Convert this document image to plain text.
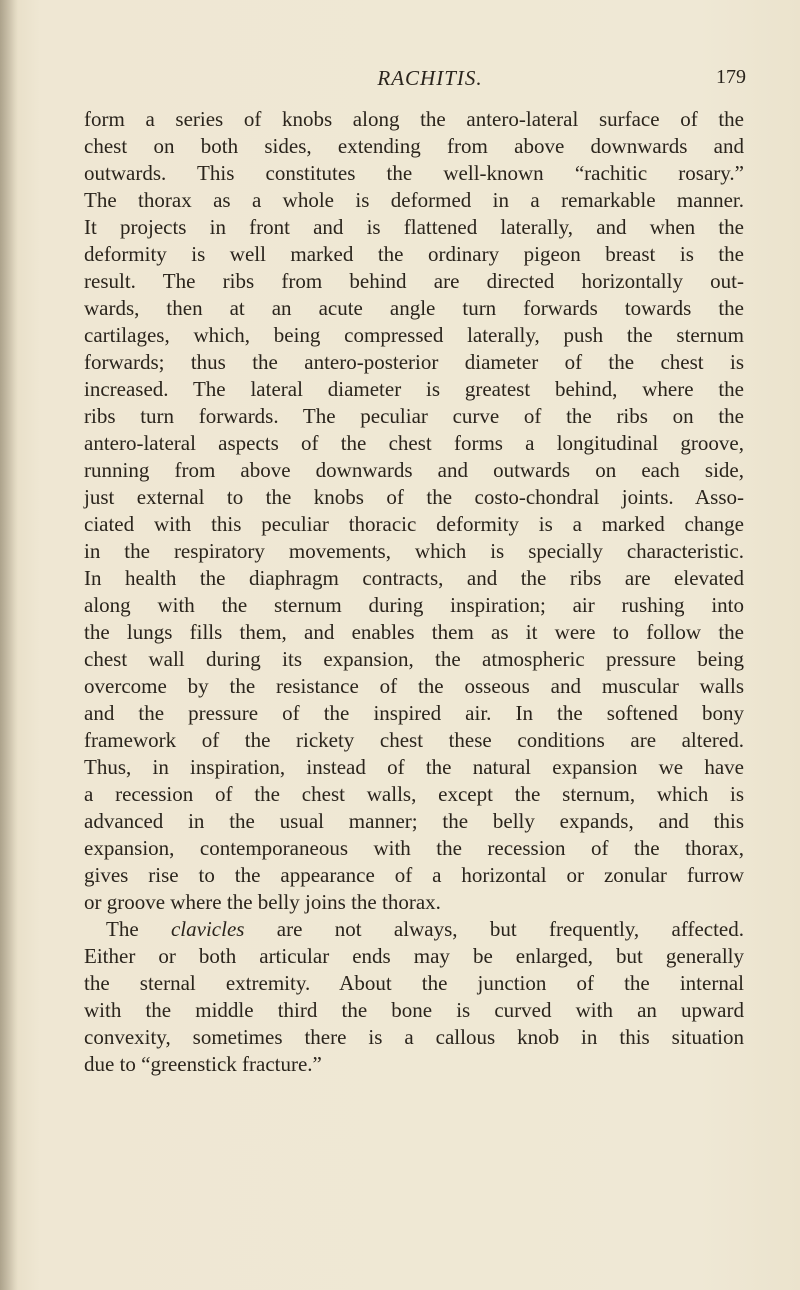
RACHITIS.	179
form a series of knobs along the antero-lateral surface of the
chest on both sides, extending from above downwards and
outwards. This constitutes the well-known “rachitic rosary.”
The thorax as a whole is deformed in a remarkable manner.
It projects in front and is flattened laterally, and when the
deformity is well marked the ordinary pigeon breast is the
result. The ribs from behind are directed horizontally out-
wards, then at an acute angle turn forwards towards the
cartilages, which, being compressed laterally, push the sternum
forwards; thus the antero-posterior diameter of the chest is
increased. The lateral diameter is greatest behind, where the
ribs turn forwards. The peculiar curve of the ribs on the
antero-lateral aspects of the chest forms a longitudinal groove,
running from above downwards and outwards on each side,
just external to the knobs of the costo-chondral joints. Asso-
ciated with this peculiar thoracic deformity is a marked change
in the respiratory movements, which is specially characteristic.
In health the diaphragm contracts, and the ribs are elevated
along with the sternum during inspiration; air rushing into
the lungs fills them, and enables them as it were to follow the
chest wall during its expansion, the atmospheric pressure being
overcome by the resistance of the osseous and muscular walls
and the pressure of the inspired air. In the softened bony
framework of the rickety chest these conditions are altered.
Thus, in inspiration, instead of the natural expansion we have
a recession of the chest walls, except the sternum, which is
advanced in the usual manner; the belly expands, and this
expansion, contemporaneous with the recession of the thorax,
gives rise to the appearance of a horizontal or zonular furrow
or groove where the belly joins the thorax.
The clavicles are not always, but frequently, affected.
Either or both articular ends may be enlarged, but generally
the sternal extremity. About the junction of the internal
with the middle third the bone is curved with an upward
convexity, sometimes there is a callous knob in this situation
due to “greenstick fracture.”
